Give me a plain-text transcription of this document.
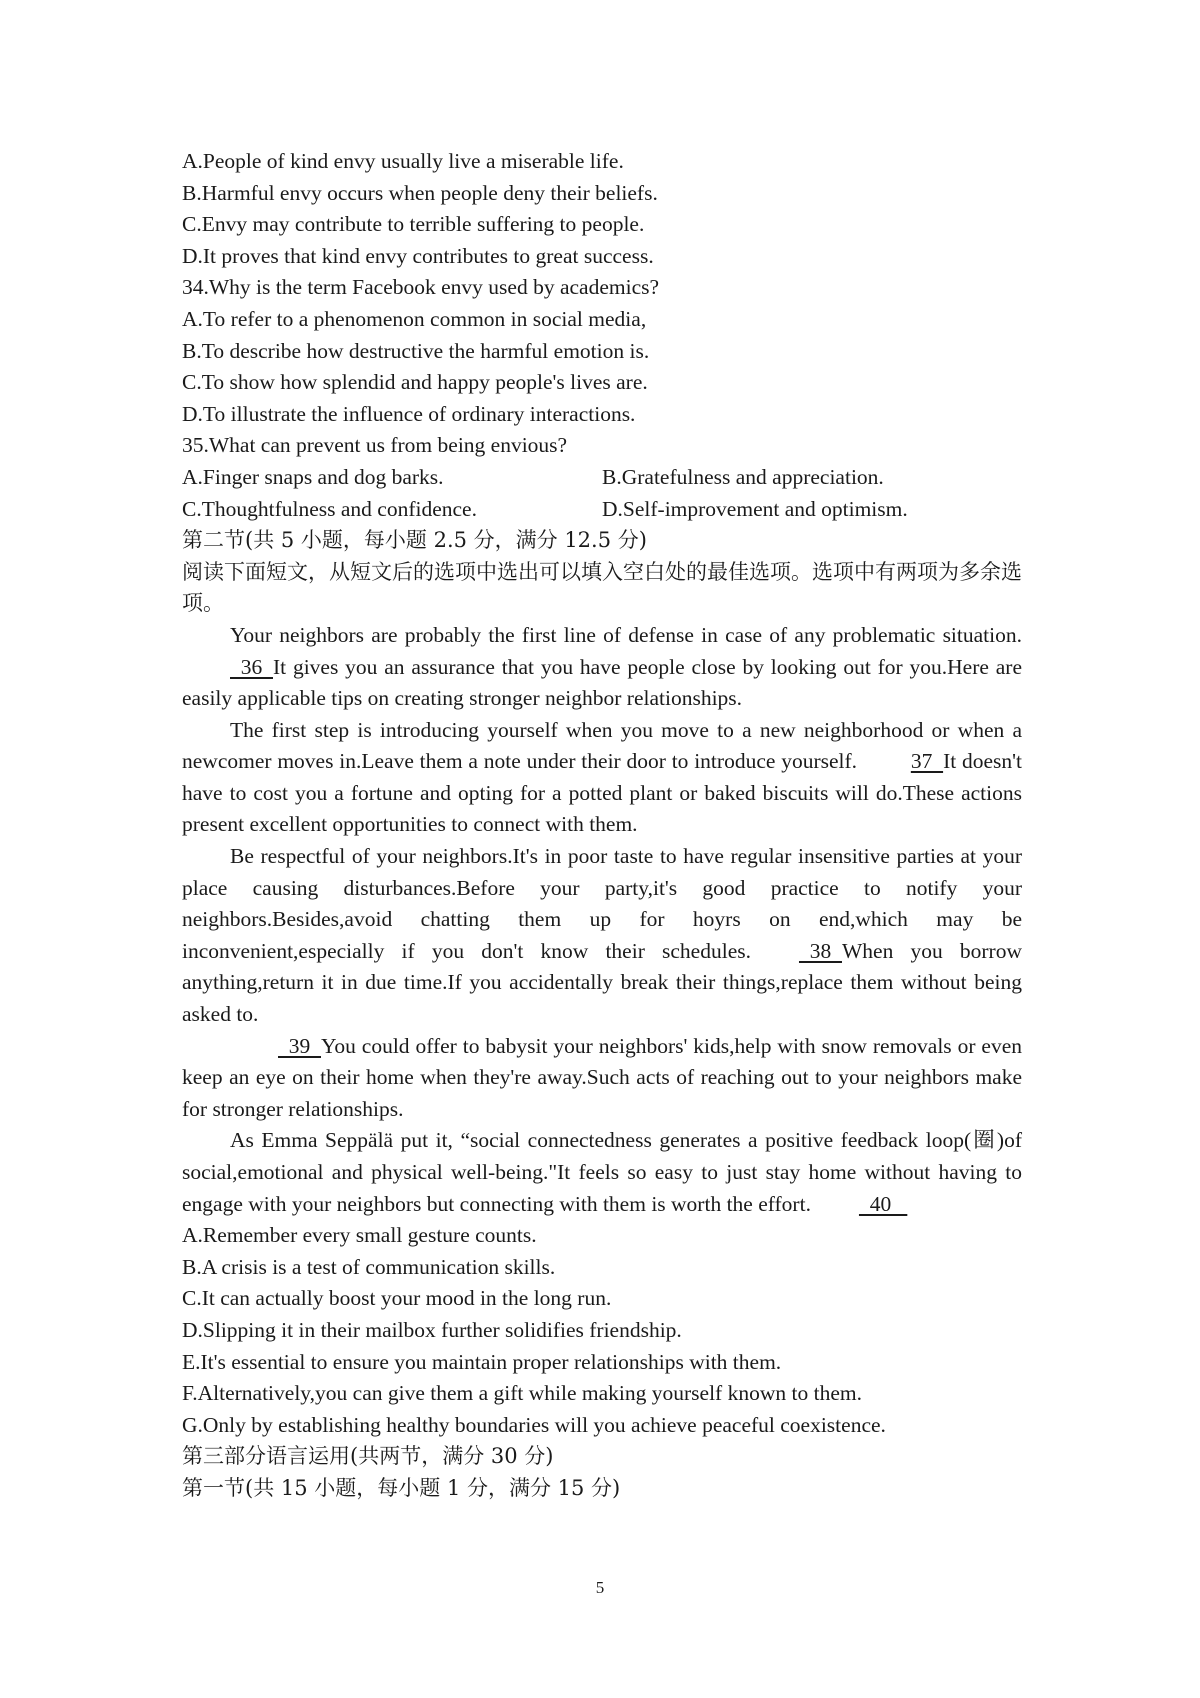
A.People of kind envy usually live a miserable life.
B.Harmful envy occurs when people deny their beliefs.
C.Envy may contribute to terrible suffering to people.
D.It proves that kind envy contributes to great success.
34.Why is the term Facebook envy used by academics?
A.To refer to a phenomenon common in social media,
B.To describe how destructive the harmful emotion is.
C.To show how splendid and happy people's lives are.
D.To illustrate the influence of ordinary interactions.
35.What can prevent us from being envious?
A.Finger snaps and dog barks.	B.Gratefulness and appreciation.
C.Thoughtfulness and confidence.	D.Self-improvement and optimism.
第二节(共 5 小题，每小题 2.5 分，满分 12.5 分)
阅读下面短文，从短文后的选项中选出可以填入空白处的最佳选项。选项中有两项为多余选项。
Your neighbors are probably the first line of defense in case of any problematic situation.  36  It gives you an assurance that you have people close by looking out for you.Here are easily applicable tips on creating stronger neighbor relationships.
The first step is introducing yourself when you move to a new neighborhood or when a newcomer moves in.Leave them a note under their door to introduce yourself.	37  It doesn't have to cost you a fortune and opting for a potted plant or baked biscuits will do.These actions present excellent opportunities to connect with them.
Be respectful of your neighbors.It's in poor taste to have regular insensitive parties at your place causing disturbances.Before your party,it's good practice to notify your neighbors.Besides,avoid chatting them up for hoyrs on end,which may be inconvenient,especially if you don't know their schedules.  38  When you borrow anything,return it in due time.If you accidentally break their things,replace them without being asked to.
39  You could offer to babysit your neighbors' kids,help with snow removals or even keep an eye on their home when they're away.Such acts of reaching out to your neighbors make for stronger relationships.
As Emma Seppälä put it, “social connectedness generates a positive feedback loop(圈)of social,emotional and physical well-being."It feels so easy to just stay home without having to engage with your neighbors but connecting with them is worth the effort.  40
A.Remember every small gesture counts.
B.A crisis is a test of communication skills.
C.It can actually boost your mood in the long run.
D.Slipping it in their mailbox further solidifies friendship.
E.It's essential to ensure you maintain proper relationships with them.
F.Alternatively,you can give them a gift while making yourself known to them.
G.Only by establishing healthy boundaries will you achieve peaceful coexistence.
第三部分语言运用(共两节，满分 30 分)
第一节(共 15 小题，每小题 1 分，满分 15 分)
5
